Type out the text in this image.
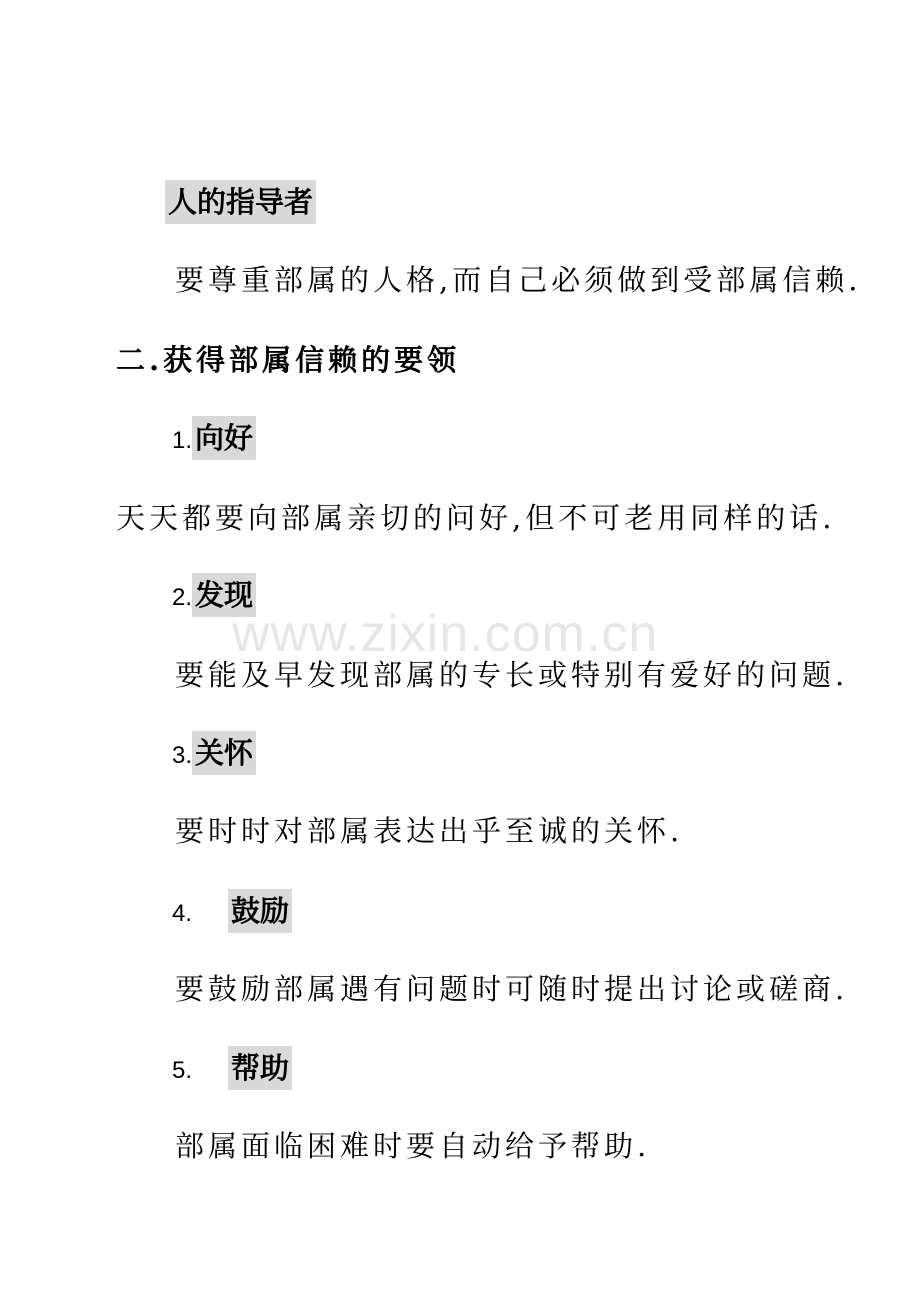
人的指导者
要尊重部属的人格,而自己必须做到受部属信赖.
二.获得部属信赖的要领
1. 向好
天天都要向部属亲切的问好,但不可老用同样的话.
2. 发现
www.zixin.com.cn
要能及早发现部属的专长或特别有爱好的问题.
3. 关怀
要时时对部属表达出乎至诚的关怀.
4. 鼓励
要鼓励部属遇有问题时可随时提出讨论或磋商.
5. 帮助
部属面临困难时要自动给予帮助.
